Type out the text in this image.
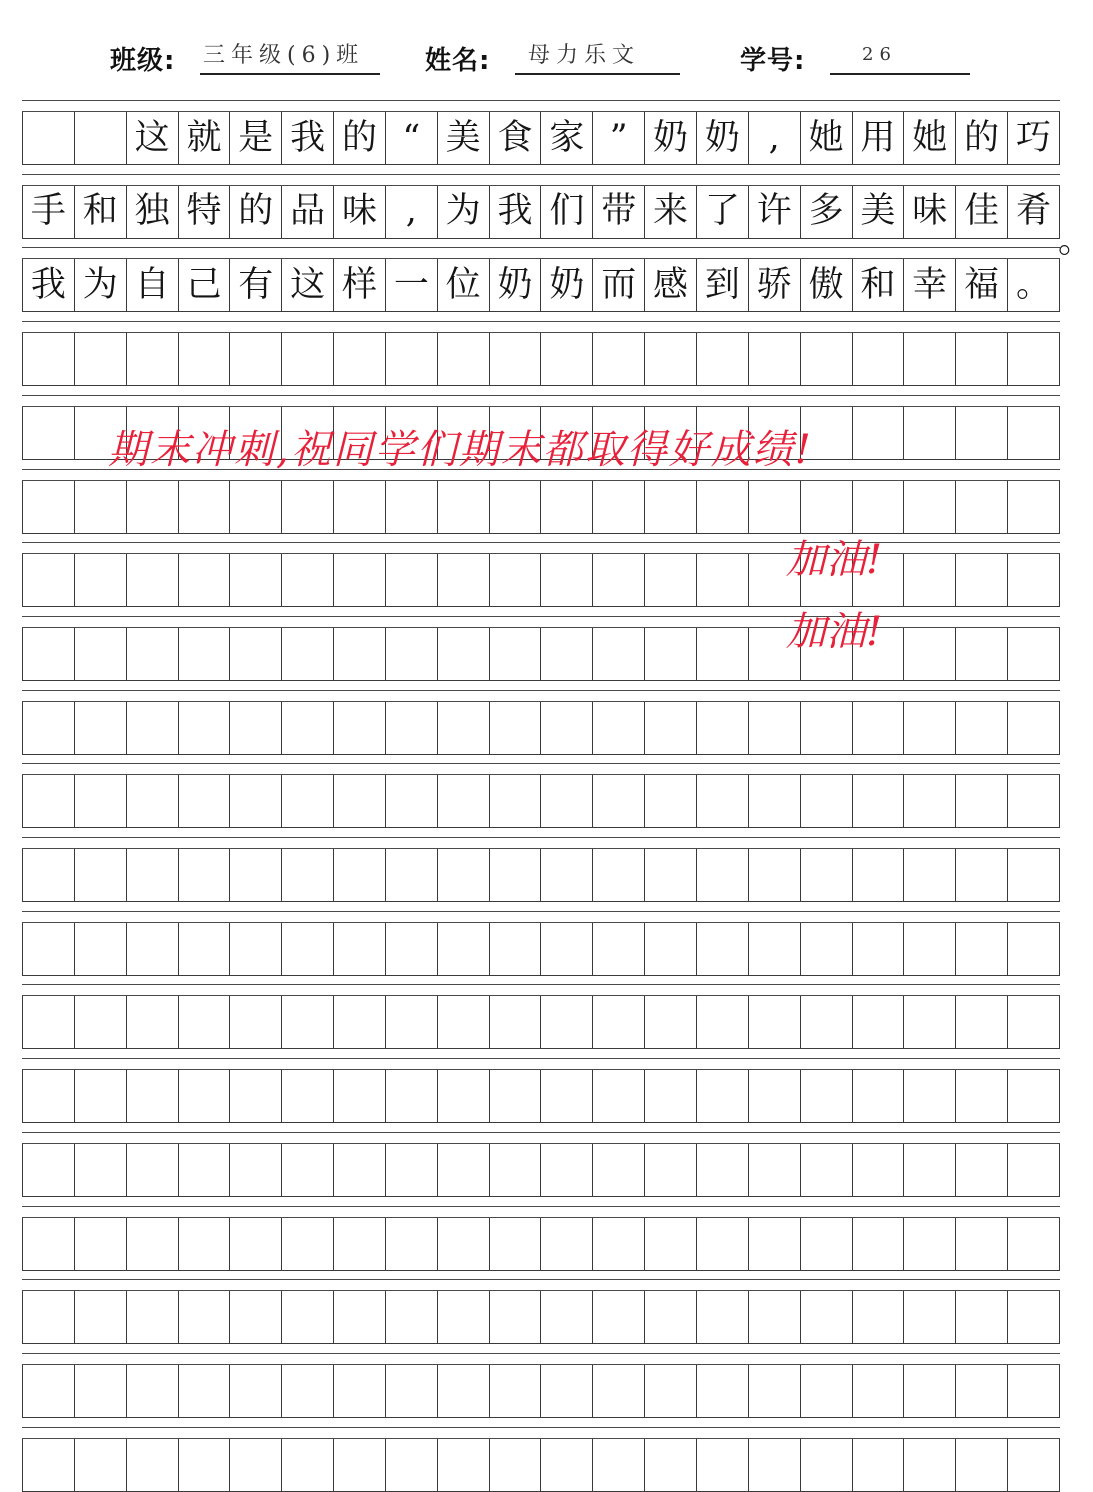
班级: 三年级(6)班 姓名: 母力乐文	学号:	26
这 就 是 我 的 “ 美 食 家 ” 奶 奶 , 她 用 她 的 巧
手 和 独 特 的 品 味 , 为 我 们 带 来 了 许 多 美 味 佳 肴
我 为 自 己 有 这 样 一 位 奶 奶 而 感 到 骄 傲 和 幸 福 。
。
期末冲刺,祝同学们期末都取得好成绩!
加油!
加油!
